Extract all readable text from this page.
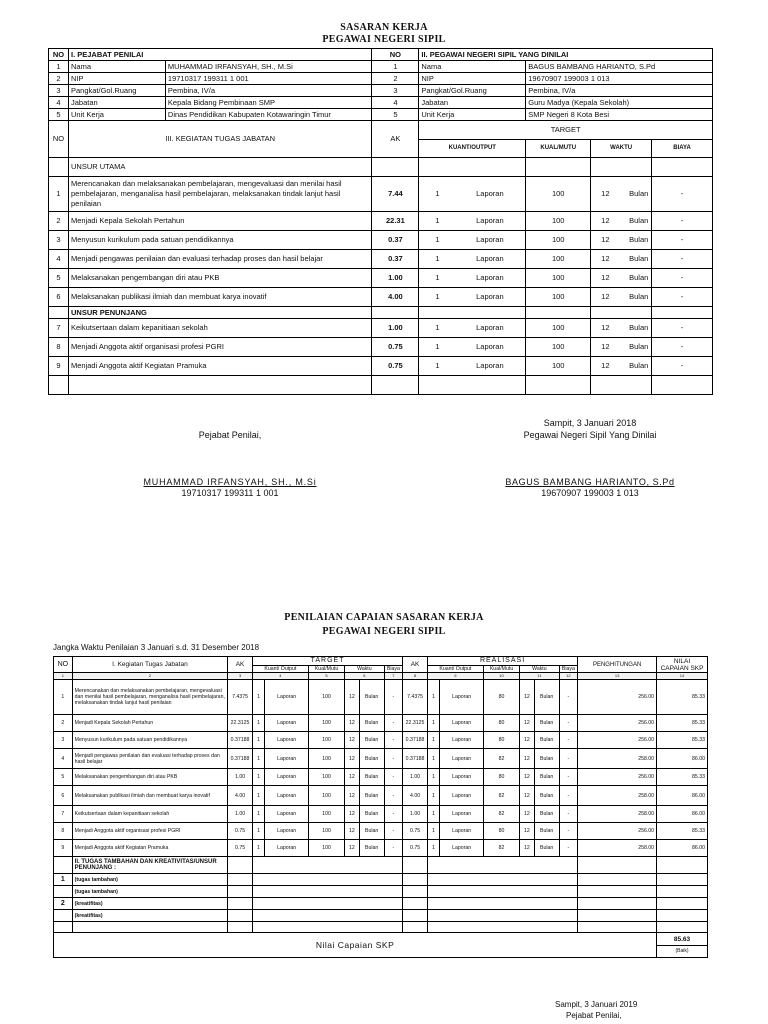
SASARAN KERJA
PEGAWAI NEGERI SIPIL
NO	I. PEJABAT PENILAI		NO	II. PEGAWAI NEGERI SIPIL YANG DINILAI			
1	Nama	MUHAMMAD IRFANSYAH, SH., M.Si	1	Nama	BAGUS BAMBANG HARIANTO, S.Pd		
2	NIP	19710317 199311 1 001	2	NIP	19670907 199003 1 013		
3	Pangkat/Gol.Ruang	Pembina, IV/a	3	Pangkat/Gol.Ruang	Pembina, IV/a		
4	Jabatan	Kepala Bidang Pembinaan SMP	4	Jabatan	Guru Madya (Kepala Sekolah)		
5	Unit Kerja	Dinas Pendidikan Kabupaten Kotawaringin Timur	5	Unit Kerja	SMP Negeri 8 Kota Besi		
NO	III. KEGIATAN TUGAS JABATAN		AK	TARGET			
				KUANT/OUTPUT	KUAL/MUTU	WAKTU	BIAYA
	UNSUR UTAMA						
1	Merencanakan dan melaksanakan pembelajaran, mengevaluasi dan menilai hasil pembelajaran, menganalisa hasil pembelajaran, melaksanakan tindak lanjut hasil penilaian		7.44	1 Laporan	100	12 Bulan	-
2	Menjadi Kepala Sekolah Pertahun		22.31	1 Laporan	100	12 Bulan	-
3	Menyusun kurikulum pada satuan pendidikannya		0.37	1 Laporan	100	12 Bulan	-
4	Menjadi pengawas penilaian dan evaluasi terhadap proses dan hasil belajar		0.37	1 Laporan	100	12 Bulan	-
5	Melaksanakan pengembangan diri atau PKB		1.00	1 Laporan	100	12 Bulan	-
6	Melaksanakan publikasi ilmiah dan membuat karya inovatif		4.00	1 Laporan	100	12 Bulan	-
	UNSUR PENUNJANG						
7	Keikutsertaan dalam kepanitiaan sekolah		1.00	1 Laporan	100	12 Bulan	-
8	Menjadi Anggota aktif organisasi profesi PGRI		0.75	1 Laporan	100	12 Bulan	-
9	Menjadi Anggota aktif Kegiatan Pramuka		0.75	1 Laporan	100	12 Bulan	-

Sampit, 3 Januari 2018
Pejabat Penilai,	Pegawai Negeri Sipil Yang Dinilai
MUHAMMAD IRFANSYAH, SH., M.Si
19710317 199311 1 001
BAGUS BAMBANG HARIANTO, S.Pd
19670907 199003 1 013
PENILAIAN CAPAIAN SASARAN KERJA
PEGAWAI NEGERI SIPIL
Jangka Waktu Penilaian 3 Januari s.d. 31 Desember 2018
NO	I. Kegiatan Tugas Jabatan	AK	TARGET						AK	REALISASI						PENGHITUNGAN	NILAI CAPAIAN SKP
			Kuant/ Output		Kual/Mutu	Waktu		Biaya		Kuant/ Output		Kual/Mutu	Waktu		Biaya		
1	2	3	4		5	6		7	8	9		10	11		12	13	14
1	Merencanakan dan melaksanakan pembelajaran, mengevaluasi dan menilai hasil pembelajaran, menganalisa hasil pembelajaran, melaksanakan tindak lanjut hasil penilaian	7.4375	1	Laporan	100	12	Bulan	-	7.4375	1	Laporan	80	12	Bulan	-	256.00	85.33
2	Menjadi Kepala Sekolah Pertahun	22.3125	1	Laporan	100	12	Bulan	-	22.3125	1	Laporan	80	12	Bulan	-	256.00	85.33
3	Menyusun kurikulum pada satuan pendidikannya	0.37188	1	Laporan	100	12	Bulan	-	0.37188	1	Laporan	80	12	Bulan	-	256.00	85.33
4	Menjadi pengawas penilaian dan evaluasi terhadap proses dan hasil belajar	0.37188	1	Laporan	100	12	Bulan	-	0.37188	1	Laporan	82	12	Bulan	-	258.00	86.00
5	Melaksanakan pengembangan diri atau PKB	1.00	1	Laporan	100	12	Bulan	-	1.00	1	Laporan	80	12	Bulan	-	256.00	85.33
6	Melaksanakan publikasi ilmiah dan membuat karya inovatif	4.00	1	Laporan	100	12	Bulan	-	4.00	1	Laporan	82	12	Bulan	-	258.00	86.00
7	Keikutsertaan dalam kepanitiaan sekolah	1.00	1	Laporan	100	12	Bulan	-	1.00	1	Laporan	82	12	Bulan	-	258.00	86.00
8	Menjadi Anggota aktif organisasi profesi PGRI	0.75	1	Laporan	100	12	Bulan	-	0.75	1	Laporan	80	12	Bulan	-	256.00	85.33
9	Menjadi Anggota aktif Kegiatan Pramuka	0.75	1	Laporan	100	12	Bulan	-	0.75	1	Laporan	82	12	Bulan	-	258.00	86.00
	II. TUGAS TAMBAHAN DAN KREATIVITAS/UNSUR PENUNJANG :																
1	(tugas tambahan)																
	(tugas tambahan)																
2	(kreatifitas)																
	(kreatifitas)																

Nilai Capaian SKP																	85.63
(Baik)
Sampit, 3 Januari 2019
Pejabat Penilai,
